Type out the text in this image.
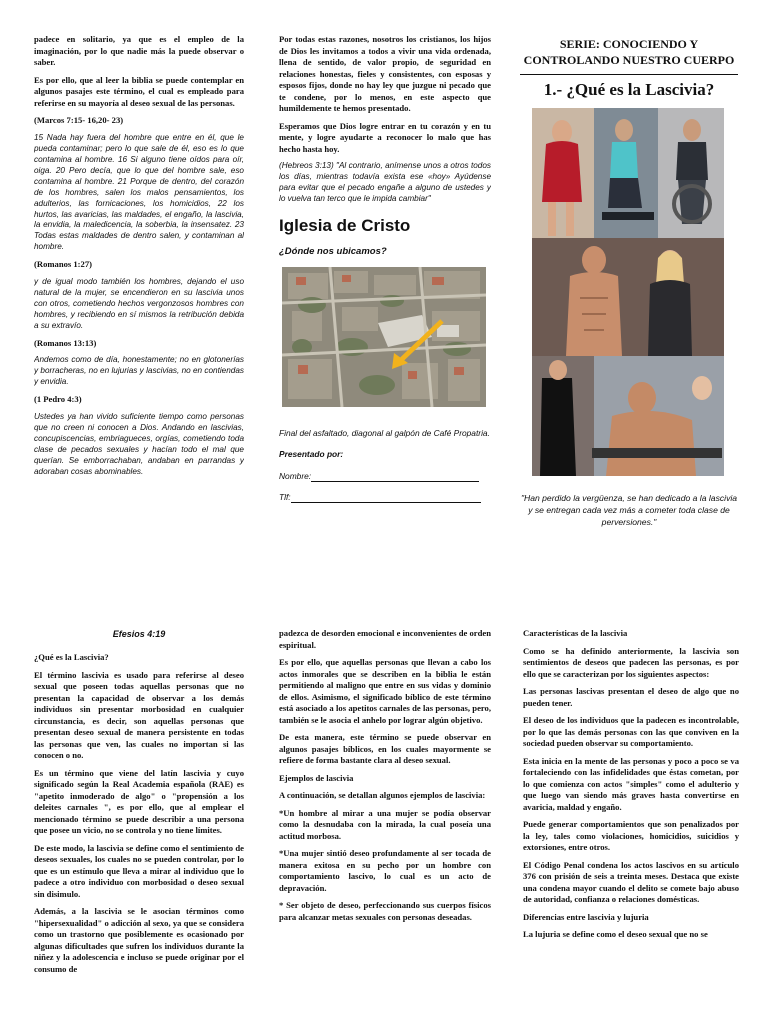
padece en solitario, ya que es el empleo de la imaginación, por lo que nadie más la puede observar o saber.

Es por ello, que al leer la biblia se puede contemplar en algunos pasajes este término, el cual es empleado para referirse en su mayoría al deseo sexual de las personas.

(Marcos 7:15- 16,20- 23)

15 Nada hay fuera del hombre que entre en él, que le pueda contaminar; pero lo que sale de él, eso es lo que contamina al hombre. 16 Si alguno tiene oídos para oír, oiga. 20 Pero decía, que lo que del hombre sale, eso contamina al hombre. 21 Porque de dentro, del corazón de los hombres, salen los malos pensamientos, los adulterios, las fornicaciones, los homicidios, 22 los hurtos, las avaricias, las maldades, el engaño, la lascivia, la envidia, la maledicencia, la soberbia, la insensatez. 23 Todas estas maldades de dentro salen, y contaminan al hombre.

(Romanos 1:27)

y de igual modo también los hombres, dejando el uso natural de la mujer, se encendieron en su lascivia unos con otros, cometiendo hechos vergonzosos hombres con hombres, y recibiendo en sí mismos la retribución debida a su extravío.

(Romanos 13:13)

Andemos como de día, honestamente; no en glotonerías y borracheras, no en lujurias y lascivias, no en contiendas y envidia.

(1 Pedro 4:3)

Ustedes ya han vivido suficiente tiempo como personas que no creen ni conocen a Dios. Andando en lascivias, concupiscencias, embriagueces, orgías, cometiendo toda clase de pecados sexuales y hacían todo el mal que querían. Se emborrachaban, andaban en parrandas y adoraban cosas abominables.

Por todas estas razones, nosotros los cristianos, los hijos de Dios les invitamos a todos a vivir una vida ordenada, llena de sentido, de valor propio, de seguridad en relaciones honestas, fieles y consistentes, con esposas y esposos fijos, donde no hay ley que juzgue ni pecado que te condene, por lo menos, en este aspecto que humildemente te hemos presentado.

Esperamos que Dios logre entrar en tu corazón y en tu mente, y logre ayudarte a reconocer lo malo que has hecho hasta hoy.

(Hebreos 3:13) "Al contrario, anímense unos a otros todos los días, mientras todavía exista ese «hoy» Ayúdense para evitar que el pecado engañe a alguno de ustedes y lo vuelva tan terco que le impida cambiar"

Iglesia de Cristo
¿Dónde nos ubicamos?

Final del asfaltado, diagonal al galpón de Café Propatria.

Presentado por:

Nombre:

Tlf:

SERIE: CONOCIENDO Y CONTROLANDO NUESTRO CUERPO
1.- ¿Qué es la Lascivia?
"Han perdido la vergüenza, se han dedicado a la lascivia y se entregan cada vez más a cometer toda clase de perversiones."
Efesios 4:19

¿Qué es la Lascivia?

El término lascivia es usado para referirse al deseo sexual que poseen todas aquellas personas que no presentan la capacidad de observar a los demás individuos sin presentar morbosidad en cualquier circunstancia, es decir, son aquellas personas que presentan deseo sexual de manera persistente en todas las personas que ven, las cuales no importan si las conocen o no.

Es un término que viene del latín lascivia y cuyo significado según la Real Academia española (RAE) es "apetito inmoderado de algo" o "propensión a los deleites carnales ", es por ello, que al emplear el mencionado término se puede describir a una persona que posee un vicio, no se controla y no tiene límites.

De este modo, la lascivia se define como el sentimiento de deseos sexuales, los cuales no se pueden controlar, por lo que es un estímulo que lleva a mirar al individuo que lo padece a otro individuo con morbosidad o deseo sexual sin disimulo.

Además, a la lascivia se le asocian términos como "hipersexualidad" o adicción al sexo, ya que se considera como un trastorno que posiblemente es ocasionado por algunas dificultades que sufren los individuos durante la niñez y la adolescencia e incluso se puede originar por el consumo de

padezca de desorden emocional e inconvenientes de orden espiritual.

Es por ello, que aquellas personas que llevan a cabo los actos inmorales que se describen en la biblia le están permitiendo al maligno que entre en sus vidas y dominio de ellos. Asimismo, el significado bíblico de este término está asociado a los apetitos carnales de las personas, pero, también se le asocia el anhelo por lograr algún objetivo.

De esta manera, este término se puede observar en algunos pasajes bíblicos, en los cuales mayormente se refiere de forma bastante clara al deseo sexual.

Ejemplos de lascivia

A continuación, se detallan algunos ejemplos de lascivia:

*Un hombre al mirar a una mujer se podía observar como la desnudaba con la mirada, la cual poseía una actitud morbosa.

*Una mujer sintió deseo profundamente al ser tocada de manera exitosa en su pecho por un hombre con comportamiento lascivo, lo cual es un acto de depravación.

* Ser objeto de deseo, perfeccionando sus cuerpos físicos para alcanzar metas sexuales con personas deseadas.

Características de la lascivia

Como se ha definido anteriormente, la lascivia son sentimientos de deseos que padecen las personas, es por ello que se caracterizan por los siguientes aspectos:

Las personas lascivas presentan el deseo de algo que no pueden tener.

El deseo de los individuos que la padecen es incontrolable, por lo que las demás personas con las que conviven en la sociedad pueden observar su comportamiento.

Esta inicia en la mente de las personas y poco a poco se va fortaleciendo con las infidelidades que éstas cometan, por lo que comienza con actos "simples" como el adulterio y que luego van siendo más graves hasta convertirse en avaricia, maldad y engaño.

Puede generar comportamientos que son penalizados por la ley, tales como violaciones, homicidios, suicidios y extorsiones, entre otros.

El Código Penal condena los actos lascivos en su artículo 376 con prisión de seis a treinta meses. Destaca que existe una condena mayor cuando el delito se comete bajo abuso de autoridad, confianza o relaciones domésticas.

Diferencias entre lascivia y lujuria

La lujuria se define como el deseo sexual que no se
